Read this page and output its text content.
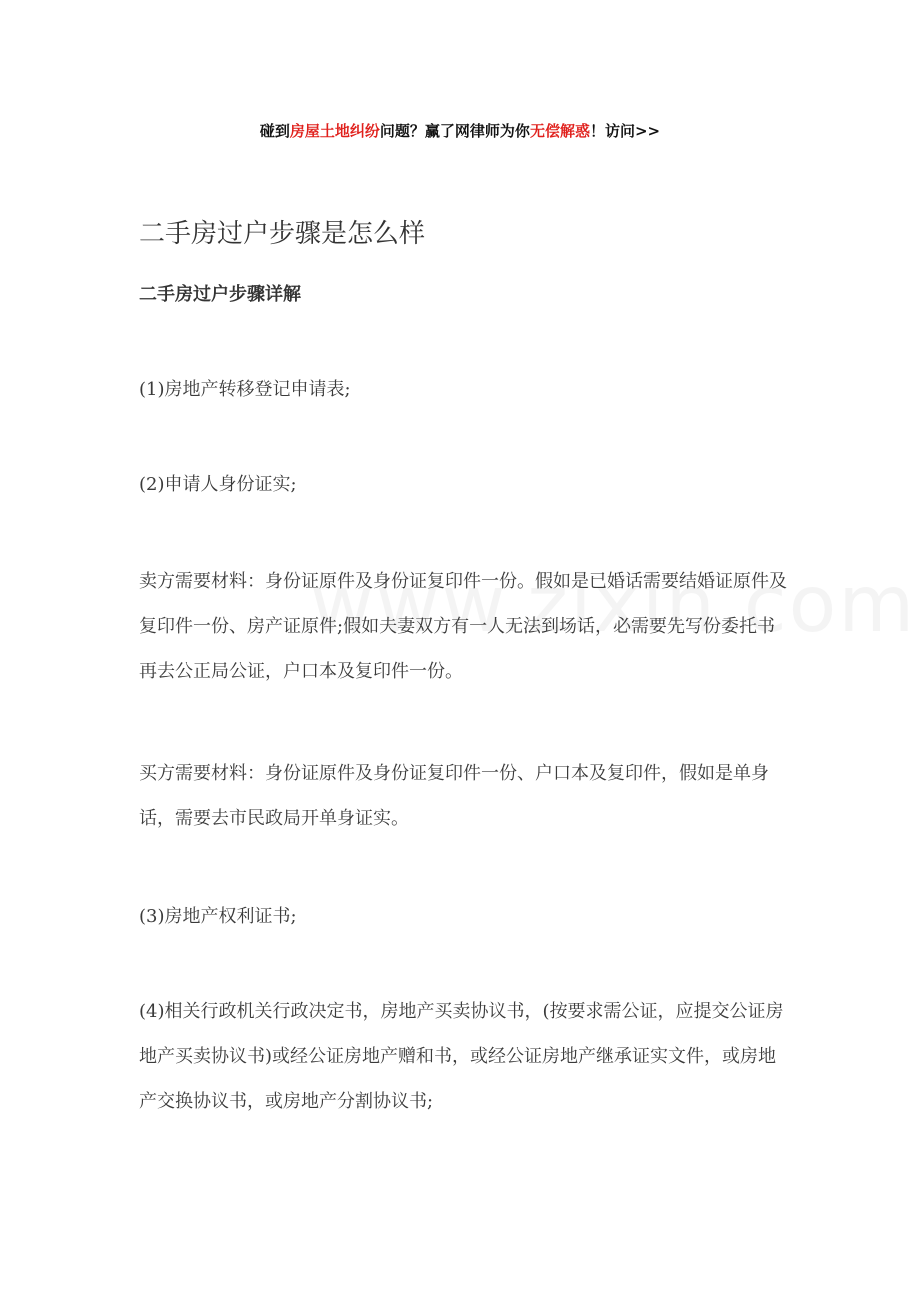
碰到房屋土地纠纷问题？赢了网律师为你无偿解惑！访问>>
二手房过户步骤是怎么样
二手房过户步骤详解

(1)房地产转移登记申请表;

(2)申请人身份证实;

卖方需要材料：身份证原件及身份证复印件一份。假如是已婚话需要结婚证原件及复印件一份、房产证原件;假如夫妻双方有一人无法到场话，必需要先写份委托书再去公正局公证，户口本及复印件一份。

买方需要材料：身份证原件及身份证复印件一份、户口本及复印件，假如是单身话，需要去市民政局开单身证实。

(3)房地产权利证书;

(4)相关行政机关行政决定书，房地产买卖协议书，(按要求需公证，应提交公证房地产买卖协议书)或经公证房地产赠和书，或经公证房地产继承证实文件，或房地产交换协议书，或房地产分割协议书;
